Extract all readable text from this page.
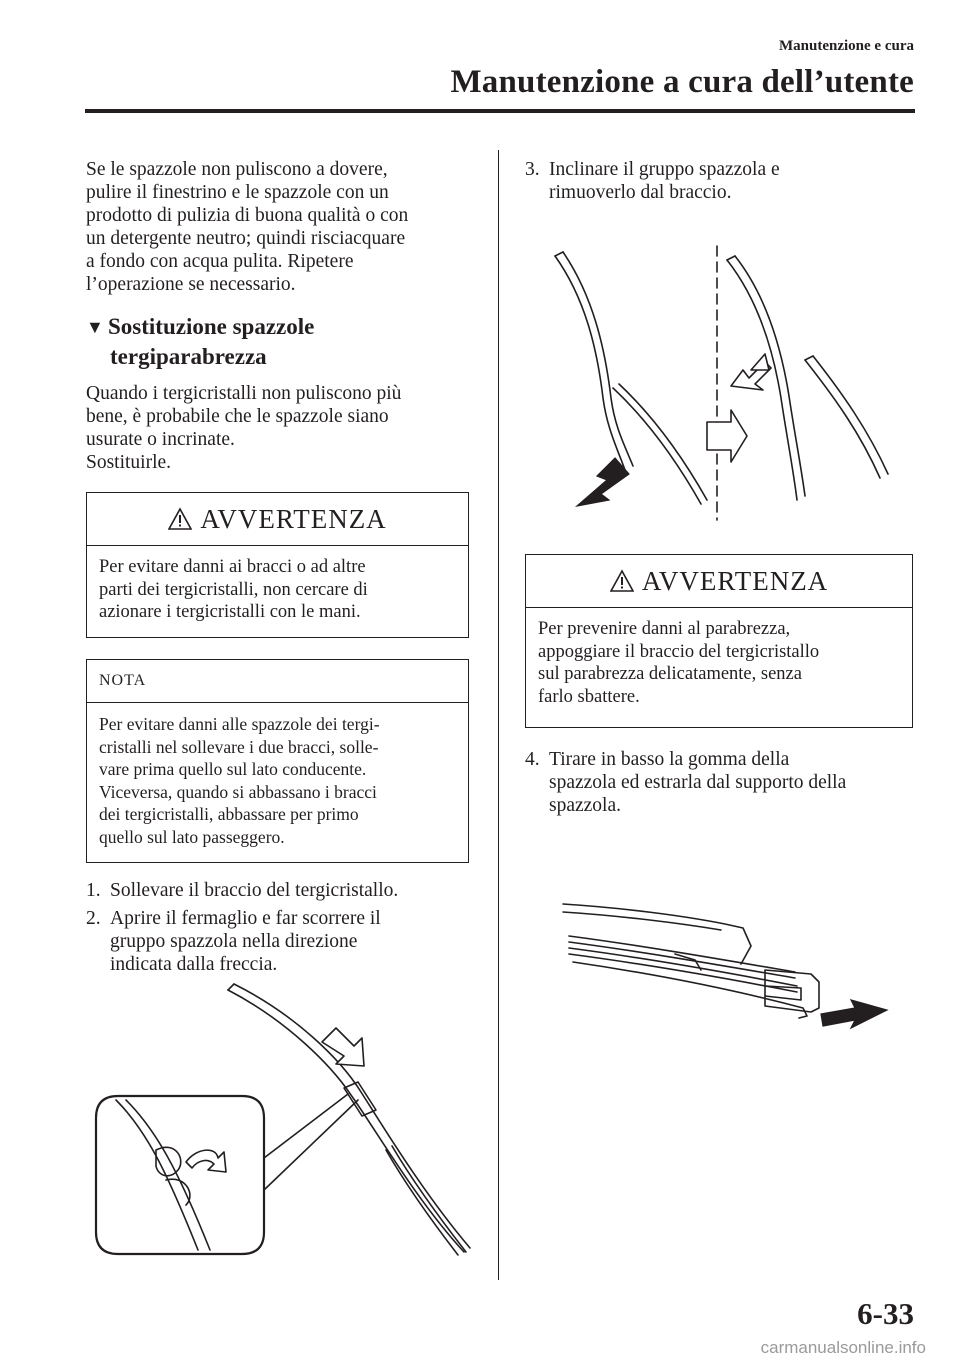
Manutenzione e cura
Manutenzione a cura dell’utente
Se le spazzole non puliscono a dovere,
pulire il finestrino e le spazzole con un
prodotto di pulizia di buona qualità o con
un detergente neutro; quindi risciacquare
a fondo con acqua pulita. Ripetere
l’operazione se necessario.
▼ Sostituzione spazzole
tergiparabrezza
Quando i tergicristalli non puliscono più
bene, è probabile che le spazzole siano
usurate o incrinate.
Sostituirle.
AVVERTENZA
Per evitare danni ai bracci o ad altre
parti dei tergicristalli, non cercare di
azionare i tergicristalli con le mani.
NOTA
Per evitare danni alle spazzole dei tergi-
cristalli nel sollevare i due bracci, solle-
vare prima quello sul lato conducente.
Viceversa, quando si abbassano i bracci
dei tergicristalli, abbassare per primo
quello sul lato passeggero.
1. Sollevare il braccio del tergicristallo.
2. Aprire il fermaglio e far scorrere il
gruppo spazzola nella direzione
indicata dalla freccia.
3. Inclinare il gruppo spazzola e
rimuoverlo dal braccio.
AVVERTENZA
Per prevenire danni al parabrezza,
appoggiare il braccio del tergicristallo
sul parabrezza delicatamente, senza
farlo sbattere.
4. Tirare in basso la gomma della
spazzola ed estrarla dal supporto della
spazzola.
6-33
carmanualsonline.info
